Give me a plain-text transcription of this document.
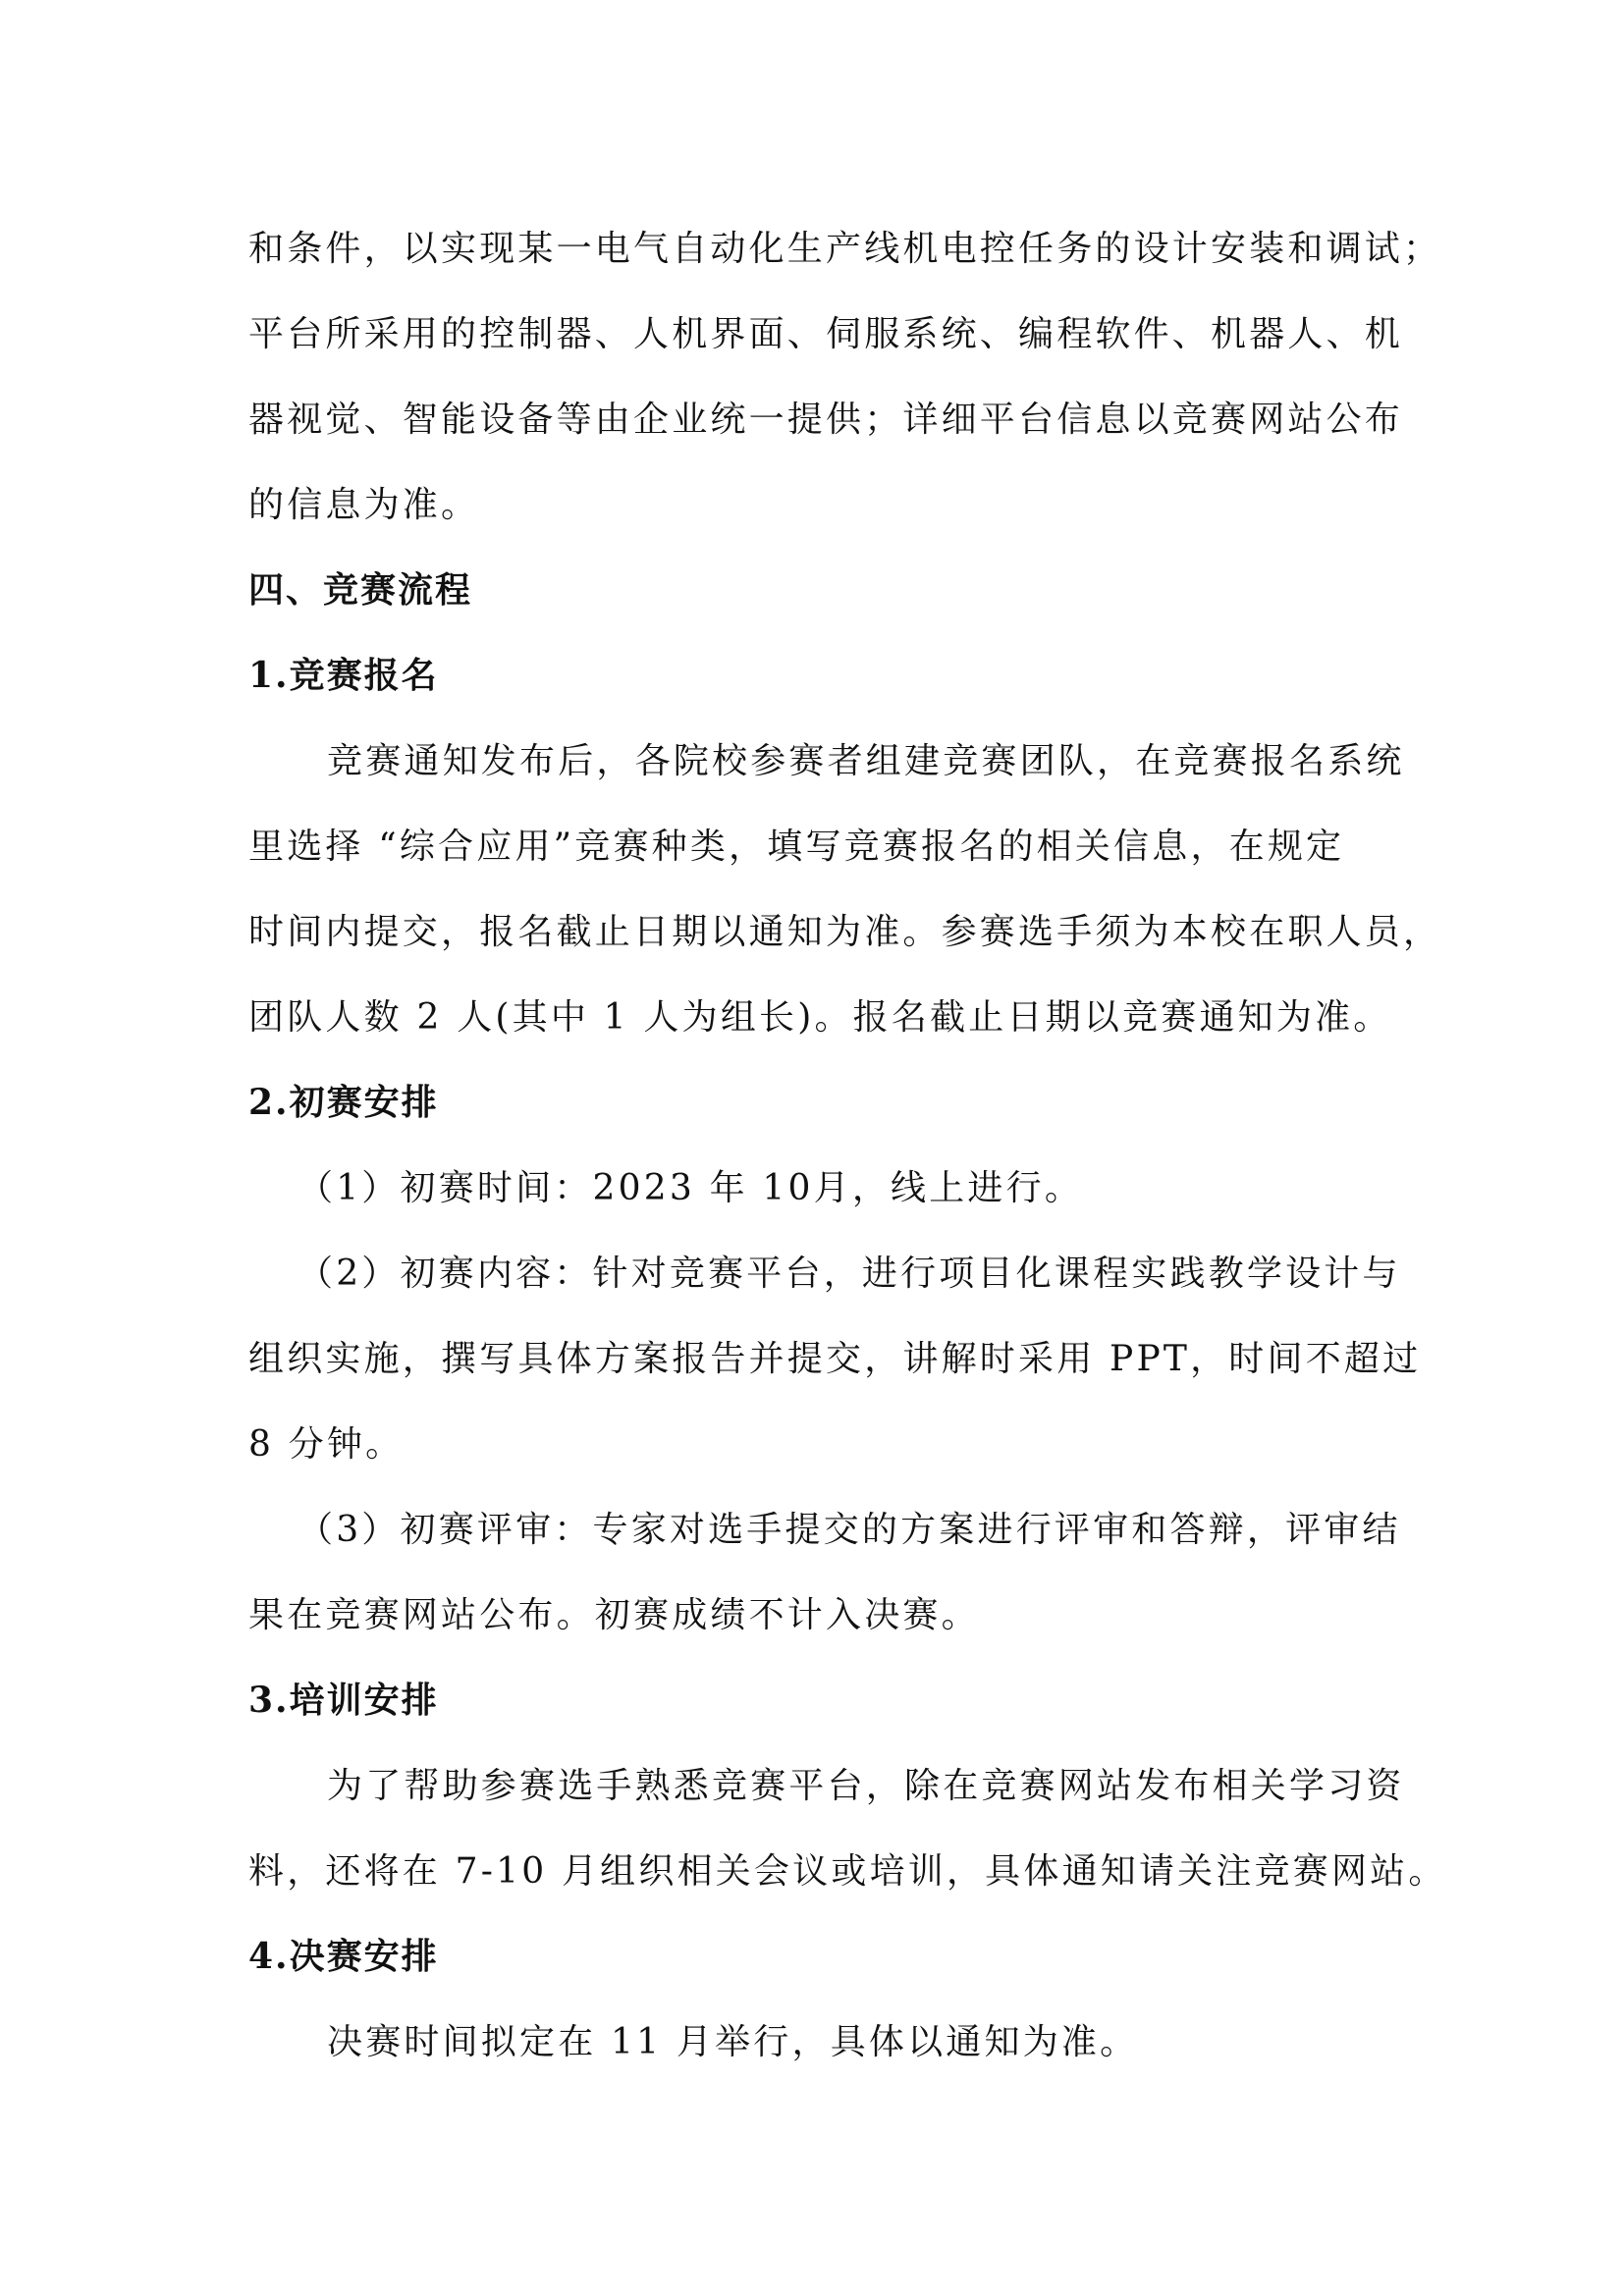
和条件，以实现某一电气自动化生产线机电控任务的设计安装和调试；
平台所采用的控制器、人机界面、伺服系统、编程软件、机器人、机
器视觉、智能设备等由企业统一提供；详细平台信息以竞赛网站公布
的信息为准。
四、竞赛流程
1.竞赛报名
竞赛通知发布后，各院校参赛者组建竞赛团队，在竞赛报名系统
里选择 “综合应用”竞赛种类，填写竞赛报名的相关信息，在规定
时间内提交，报名截止日期以通知为准。参赛选手须为本校在职人员，
团队人数 2 人(其中 1 人为组长)。报名截止日期以竞赛通知为准。
2.初赛安排
（1）初赛时间：2023 年 10月，线上进行。
（2）初赛内容：针对竞赛平台，进行项目化课程实践教学设计与
组织实施，撰写具体方案报告并提交，讲解时采用 PPT，时间不超过
8 分钟。
（3）初赛评审：专家对选手提交的方案进行评审和答辩，评审结
果在竞赛网站公布。初赛成绩不计入决赛。
3.培训安排
为了帮助参赛选手熟悉竞赛平台，除在竞赛网站发布相关学习资
料，还将在 7-10 月组织相关会议或培训，具体通知请关注竞赛网站。
4.决赛安排
决赛时间拟定在 11 月举行，具体以通知为准。
